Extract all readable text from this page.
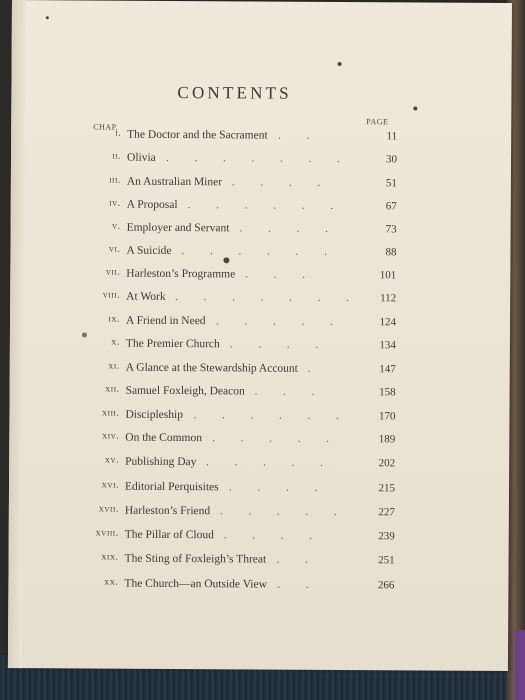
CONTENTS
CHAP.
PAGE
i. The Doctor and the Sacrament	11
.     .
ii. Olivia	30
.     .     .     .     .     .     .
iii. An Australian Miner	51
.     .     .     .
iv. A Proposal	67
.     .     .     .     .     .
v. Employer and Servant	73
.     .     .     .
vi. A Suicide	88
.     .     .     .     .     .
vii. Harleston’s Programme	101
.     .     .
viii. At Work	112
.     .     .     .     .     .     .
ix. A Friend in Need	124
.     .     .     .     .
x. The Premier Church	134
.     .     .     .
xi. A Glance at the Stewardship Account	147
.
xii. Samuel Foxleigh, Deacon	158
.     .     .
xiii. Discipleship	170
.     .     .     .     .     .
xiv. On the Common	189
.     .     .     .     .
xv. Publishing Day	202
.     .     .     .     .
xvi. Editorial Perquisites	215
.     .     .     .
xvii. Harleston’s Friend	227
.     .     .     .     .
xviii. The Pillar of Cloud	239
.     .     .     .
xix. The Sting of Foxleigh’s Threat	251
.     .
xx. The Church—an Outside View	266
.     .
